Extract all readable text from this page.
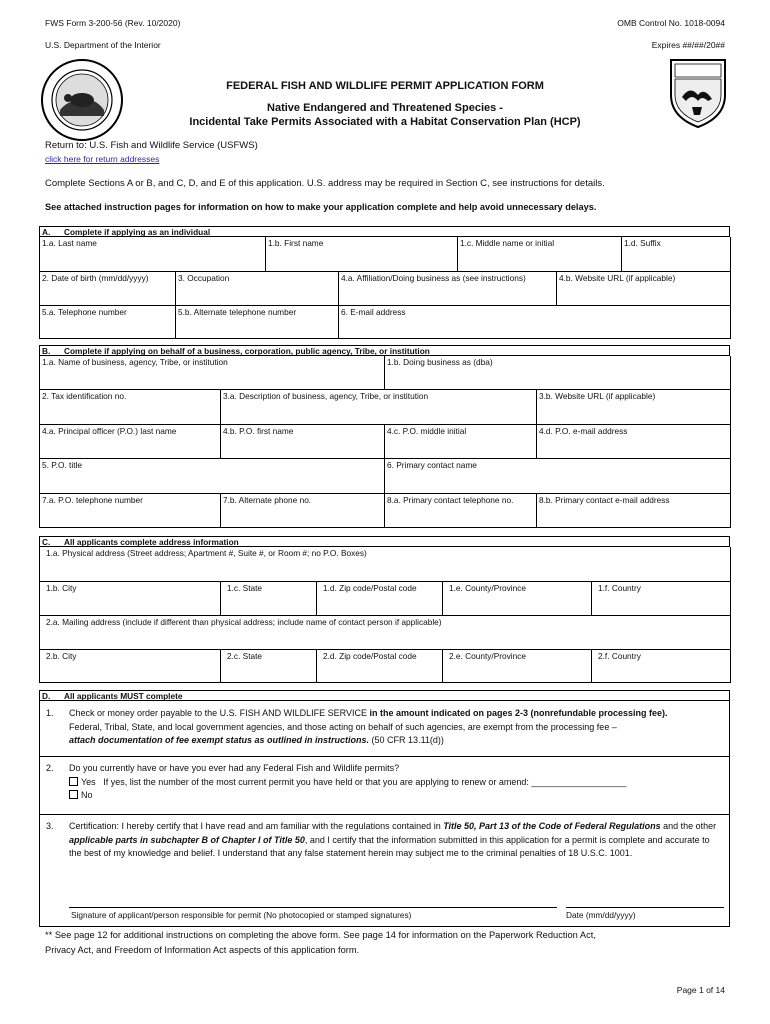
FWS Form 3-200-56 (Rev. 10/2020)
U.S. Department of the Interior
OMB Control No. 1018-0094
Expires ##/##/20##
FEDERAL FISH AND WILDLIFE PERMIT APPLICATION FORM
Native Endangered and Threatened Species -
Incidental Take Permits Associated with a Habitat Conservation Plan (HCP)
Return to: U.S. Fish and Wildlife Service (USFWS)
click here for return addresses
Complete Sections A or B, and C, D, and E of this application. U.S. address may be required in Section C, see instructions for details.
See attached instruction pages for information on how to make your application complete and help avoid unnecessary delays.
A. Complete if applying as an individual
1.a. Last name	1.b. First name	1.c. Middle name or initial	1.d. Suffix
2. Date of birth (mm/dd/yyyy)	3. Occupation	4.a. Affiliation/Doing business as (see instructions)	4.b. Website URL (if applicable)
5.a. Telephone number	5.b. Alternate telephone number	6. E-mail address
B. Complete if applying on behalf of a business, corporation, public agency, Tribe, or institution
1.a. Name of business, agency, Tribe, or institution	1.b. Doing business as (dba)
2. Tax identification no.	3.a. Description of business, agency, Tribe, or institution	3.b. Website URL (if applicable)
4.a. Principal officer (P.O.) last name	4.b. P.O. first name	4.c. P.O. middle initial	4.d. P.O. e-mail address
5. P.O. title	6. Primary contact name
7.a. P.O. telephone number	7.b. Alternate phone no.	8.a. Primary contact telephone no.	8.b. Primary contact e-mail address
C. All applicants complete address information
1.a. Physical address (Street address; Apartment #, Suite #, or Room #; no P.O. Boxes)
1.b. City	1.c. State	1.d. Zip code/Postal code	1.e. County/Province	1.f. Country
2.a. Mailing address (include if different than physical address; include name of contact person if applicable)
2.b. City	2.c. State	2.d. Zip code/Postal code	2.e. County/Province	2.f. Country
D. All applicants MUST complete
1. Check or money order payable to the U.S. FISH AND WILDLIFE SERVICE in the amount indicated on pages 2-3 (nonrefundable processing fee).
Federal, Tribal, State, and local government agencies, and those acting on behalf of such agencies, are exempt from the processing fee –
attach documentation of fee exempt status as outlined in instructions. (50 CFR 13.11(d))
2. Do you currently have or have you ever had any Federal Fish and Wildlife permits?
Yes If yes, list the number of the most current permit you have held or that you are applying to renew or amend: ___________________
No
3. Certification: I hereby certify that I have read and am familiar with the regulations contained in Title 50, Part 13 of the Code of Federal Regulations and the other applicable parts in subchapter B of Chapter I of Title 50, and I certify that the information submitted in this application for a permit is complete and accurate to the best of my knowledge and belief. I understand that any false statement herein may subject me to the criminal penalties of 18 U.S.C. 1001.
Signature of applicant/person responsible for permit (No photocopied or stamped signatures)	Date (mm/dd/yyyy)
** See page 12 for additional instructions on completing the above form. See page 14 for information on the Paperwork Reduction Act,
Privacy Act, and Freedom of Information Act aspects of this application form.
Page 1 of 14
